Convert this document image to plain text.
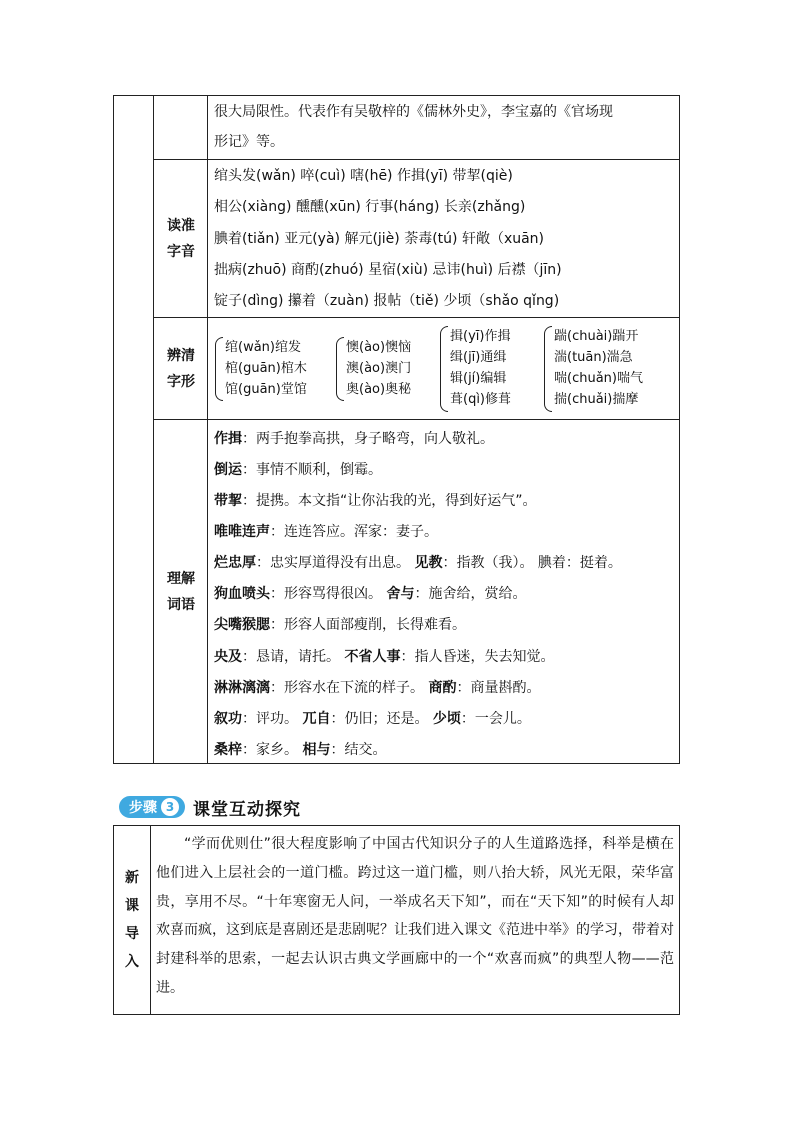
很大局限性。代表作有吴敬梓的《儒林外史》，李宝嘉的《官场现
形记》等。
读准
字音
绾头发(wǎn) 啐(cuì) 嗐(hē) 作揖(yī) 带挈(qiè)
相公(xiàng) 醺醺(xūn) 行事(háng) 长亲(zhǎng)
腆着(tiǎn) 亚元(yà) 解元(jiè) 荼毒(tú) 轩敞（xuān)
拙病(zhuō) 商酌(zhuó) 星宿(xiù) 忌讳(huì) 后襟（jīn)
锭子(dìng) 攥着（zuàn) 报帖（tiě) 少顷（shǎo qǐng)
辨清
字形
绾(wǎn)绾发
棺(guān)棺木
馆(guān)堂馆
懊(ào)懊恼
澳(ào)澳门
奥(ào)奥秘
揖(yī)作揖
缉(jī)通缉
辑(jí)编辑
葺(qì)修葺
踹(chuài)踹开
湍(tuān)湍急
喘(chuǎn)喘气
揣(chuǎi)揣摩
理解
词语
作揖：两手抱拳高拱，身子略弯，向人敬礼。
倒运：事情不顺利，倒霉。
带挈：提携。本文指“让你沾我的光，得到好运气”。
唯唯连声：连连答应。浑家：妻子。
烂忠厚：忠实厚道得没有出息。 见教：指教（我）。 腆着：挺着。
狗血喷头：形容骂得很凶。 舍与：施舍给，赏给。
尖嘴猴腮：形容人面部瘦削，长得难看。
央及：恳请，请托。 不省人事：指人昏迷，失去知觉。
淋淋漓漓：形容水在下流的样子。 商酌：商量斟酌。
叙功：评功。 兀自：仍旧；还是。 少顷：一会儿。
桑梓：家乡。 相与：结交。
步骤 3 课堂互动探究
新
课
导
入
“学而优则仕”很大程度影响了中国古代知识分子的人生道路选择，科举是横在他们进入上层社会的一道门槛。跨过这一道门槛，则八抬大轿，风光无限，荣华富贵，享用不尽。“十年寒窗无人问，一举成名天下知”，而在“天下知”的时候有人却欢喜而疯，这到底是喜剧还是悲剧呢？让我们进入课文《范进中举》的学习，带着对封建科举的思索，一起去认识古典文学画廊中的一个“欢喜而疯”的典型人物——范进。
